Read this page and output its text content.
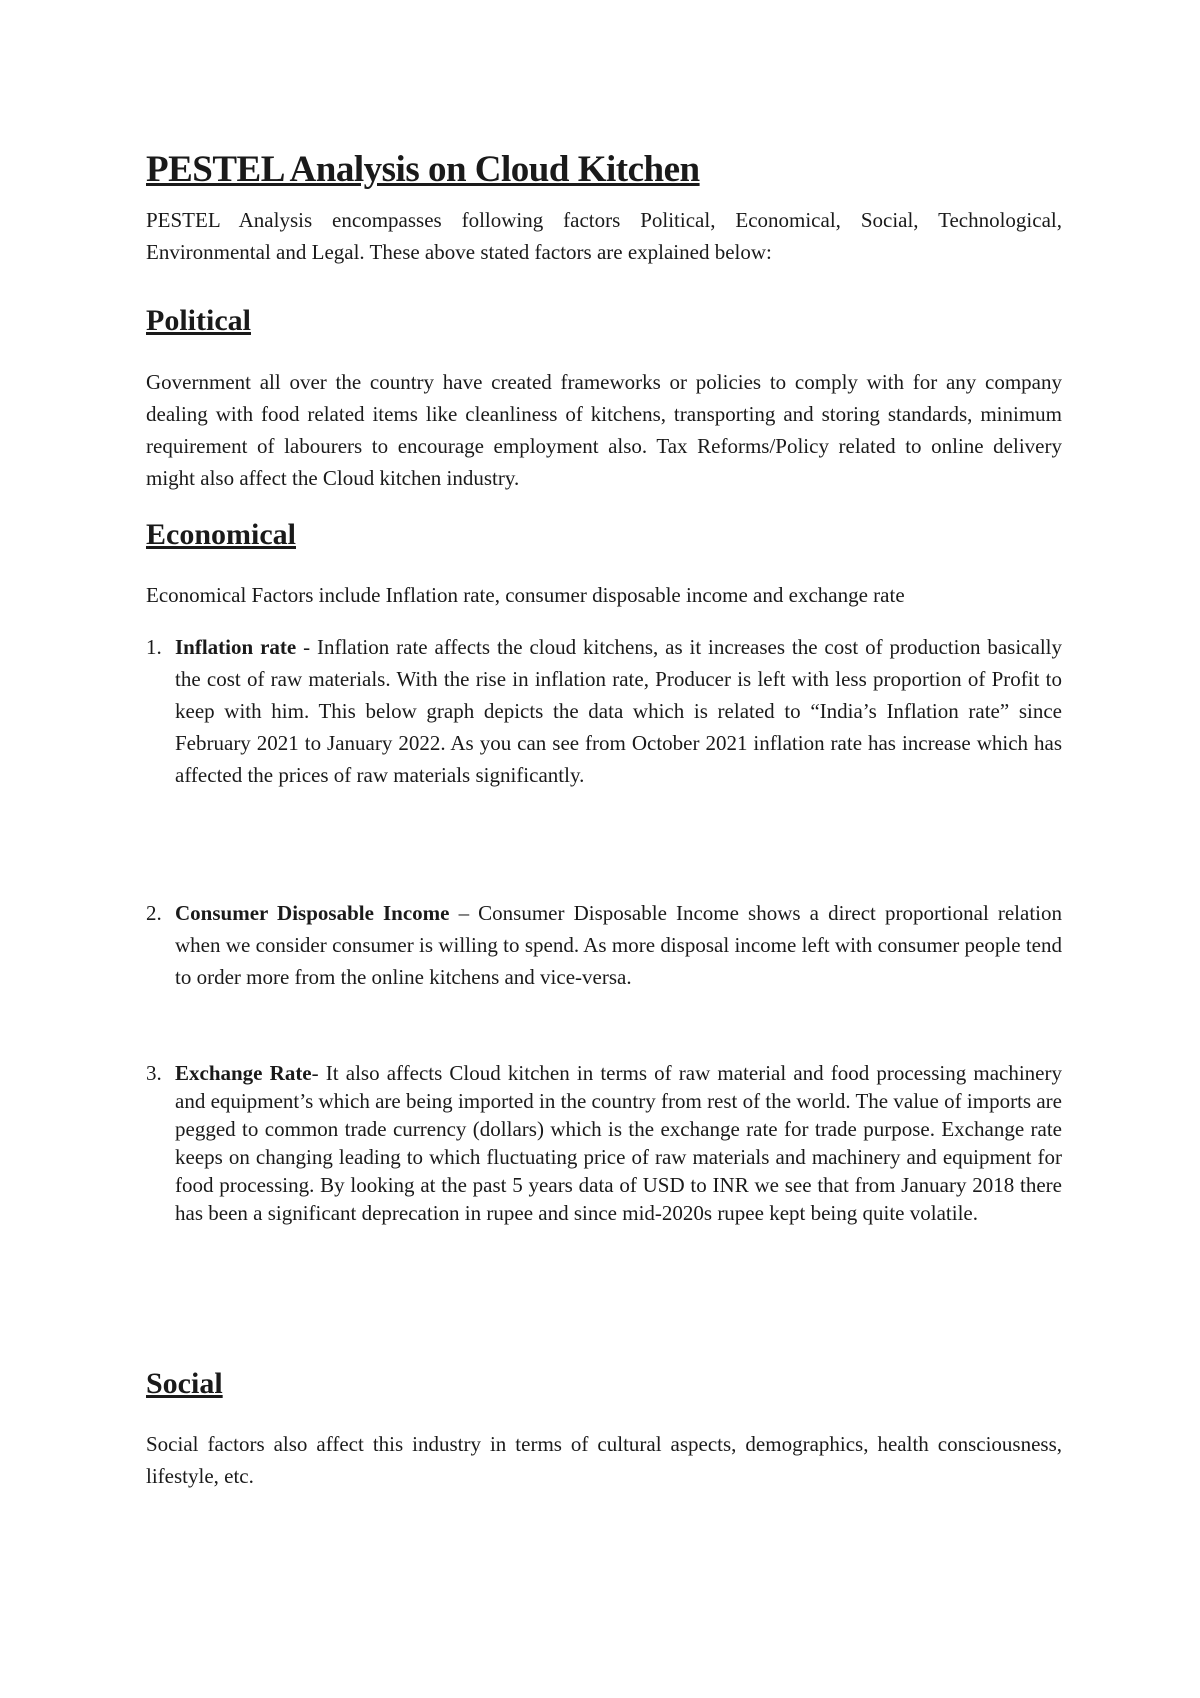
PESTEL Analysis on Cloud Kitchen

PESTEL Analysis encompasses following factors Political, Economical, Social, Technological, Environmental and Legal. These above stated factors are explained below:

Political

Government all over the country have created frameworks or policies to comply with for any company dealing with food related items like cleanliness of kitchens, transporting and storing standards, minimum requirement of labourers to encourage employment also. Tax Reforms/Policy related to online delivery might also affect the Cloud kitchen industry.

Economical

Economical Factors include Inflation rate, consumer disposable income and exchange rate

1. Inflation rate - Inflation rate affects the cloud kitchens, as it increases the cost of production basically the cost of raw materials. With the rise in inflation rate, Producer is left with less proportion of Profit to keep with him. This below graph depicts the data which is related to “India’s Inflation rate” since February 2021 to January 2022. As you can see from October 2021 inflation rate has increase which has affected the prices of raw materials significantly.
2. Consumer Disposable Income – Consumer Disposable Income shows a direct proportional relation when we consider consumer is willing to spend. As more disposal income left with consumer people tend to order more from the online kitchens and vice-versa.
3. Exchange Rate- It also affects Cloud kitchen in terms of raw material and food processing machinery and equipment’s which are being imported in the country from rest of the world. The value of imports are pegged to common trade currency (dollars) which is the exchange rate for trade purpose. Exchange rate keeps on changing leading to which fluctuating price of raw materials and machinery and equipment for food processing. By looking at the past 5 years data of USD to INR we see that from January 2018 there has been a significant deprecation in rupee and since mid-2020s rupee kept being quite volatile.
Social

Social factors also affect this industry in terms of cultural aspects, demographics, health consciousness, lifestyle, etc.
